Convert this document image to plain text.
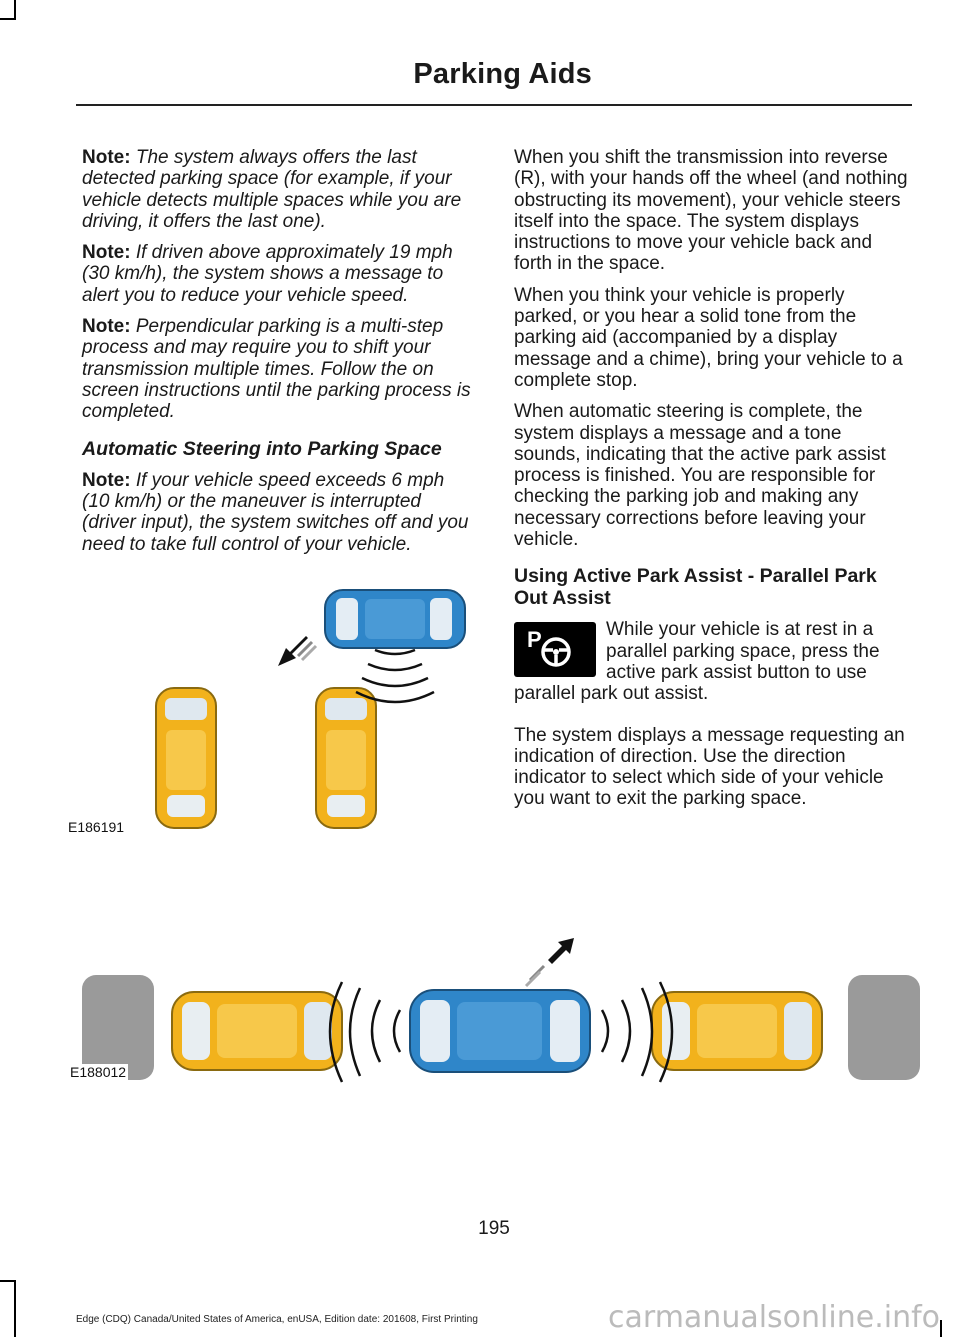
Parking Aids

Note: The system always offers the last detected parking space (for example, if your vehicle detects multiple spaces while you are driving, it offers the last one).

Note: If driven above approximately 19 mph (30 km/h), the system shows a message to alert you to reduce your vehicle speed.

Note: Perpendicular parking is a multi-step process and may require you to shift your transmission multiple times. Follow the on screen instructions until the parking process is completed.

Automatic Steering into Parking Space

Note: If your vehicle speed exceeds 6 mph (10 km/h) or the maneuver is interrupted (driver input), the system switches off and you need to take full control of your vehicle.

When you shift the transmission into reverse (R), with your hands off the wheel (and nothing obstructing its movement), your vehicle steers itself into the space. The system displays instructions to move your vehicle back and forth in the space.

When you think your vehicle is properly parked, or you hear a solid tone from the parking aid (accompanied by a display message and a chime), bring your vehicle to a complete stop.

When automatic steering is complete, the system displays a message and a tone sounds, indicating that the active park assist process is finished. You are responsible for checking the parking job and making any necessary corrections before leaving your vehicle.

Using Active Park Assist - Parallel Park Out Assist
P	While your vehicle is at rest in a parallel parking space, press the active park assist button to use

parallel park out assist.

The system displays a message requesting an indication of direction. Use the direction indicator to select which side of your vehicle you want to exit the parking space.

E186191
E188012
195
Edge (CDQ) Canada/United States of America, enUSA, Edition date: 201608, First Printing	carmanualsonline.info
